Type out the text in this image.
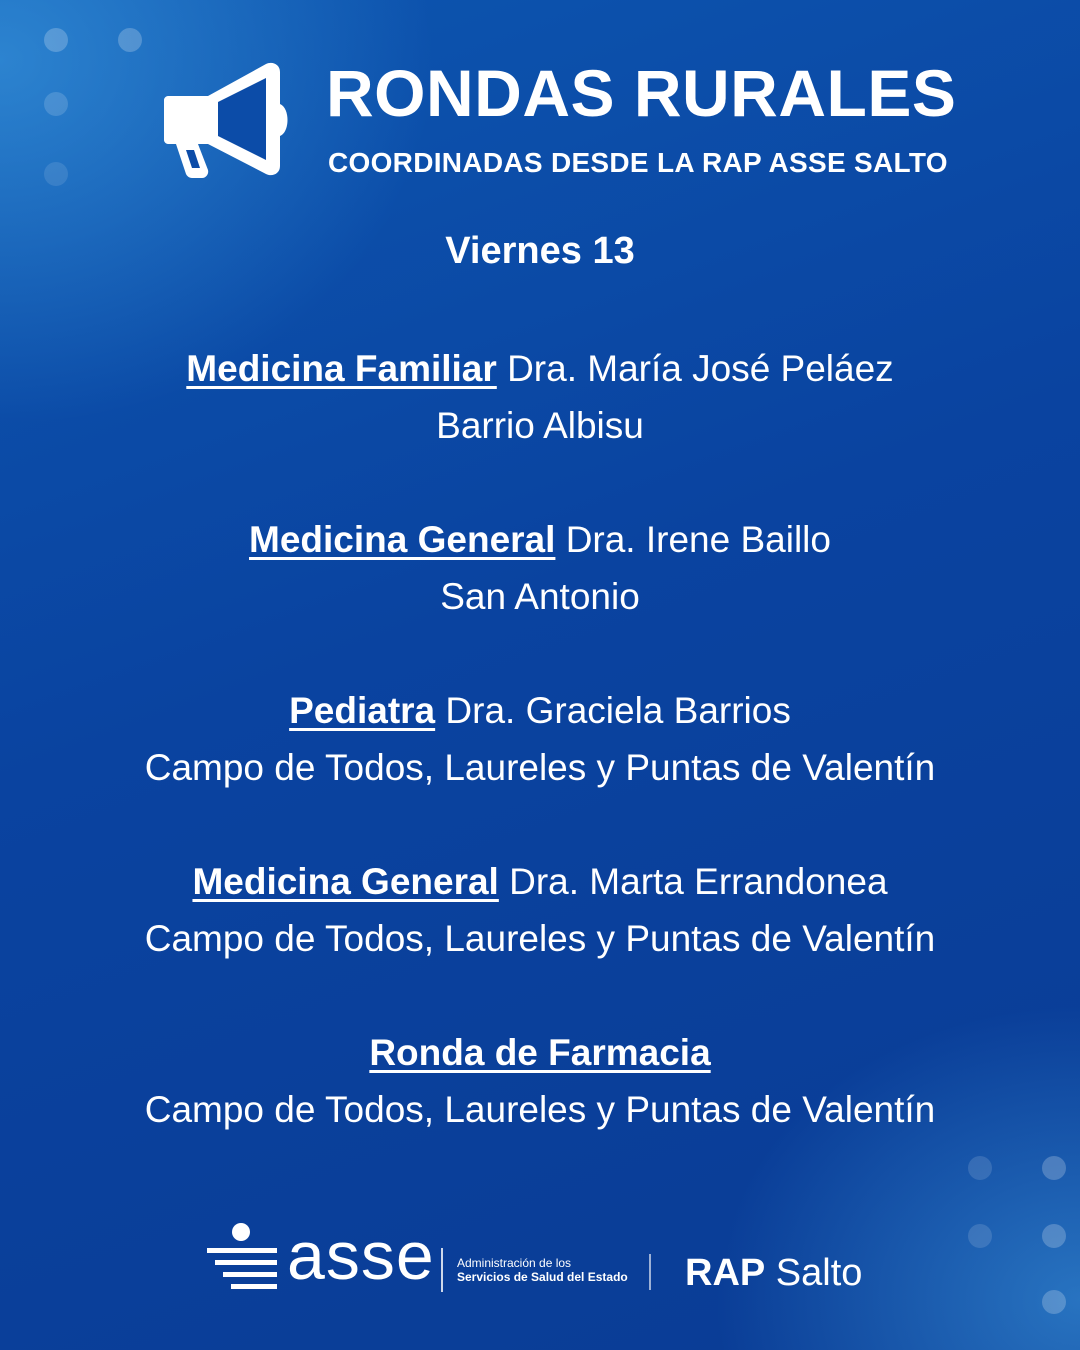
RONDAS RURALES
COORDINADAS DESDE LA RAP ASSE SALTO
Viernes 13
Medicina Familiar Dra. María José Peláez
Barrio Albisu
Medicina General Dra. Irene Baillo
San Antonio
Pediatra Dra. Graciela Barrios
Campo de Todos, Laureles y Puntas de Valentín
Medicina General Dra. Marta Errandonea
Campo de Todos, Laureles y Puntas de Valentín
Ronda de Farmacia
Campo de Todos, Laureles y Puntas de Valentín
asse Administración de los
Servicios de Salud del Estado RAP Salto
